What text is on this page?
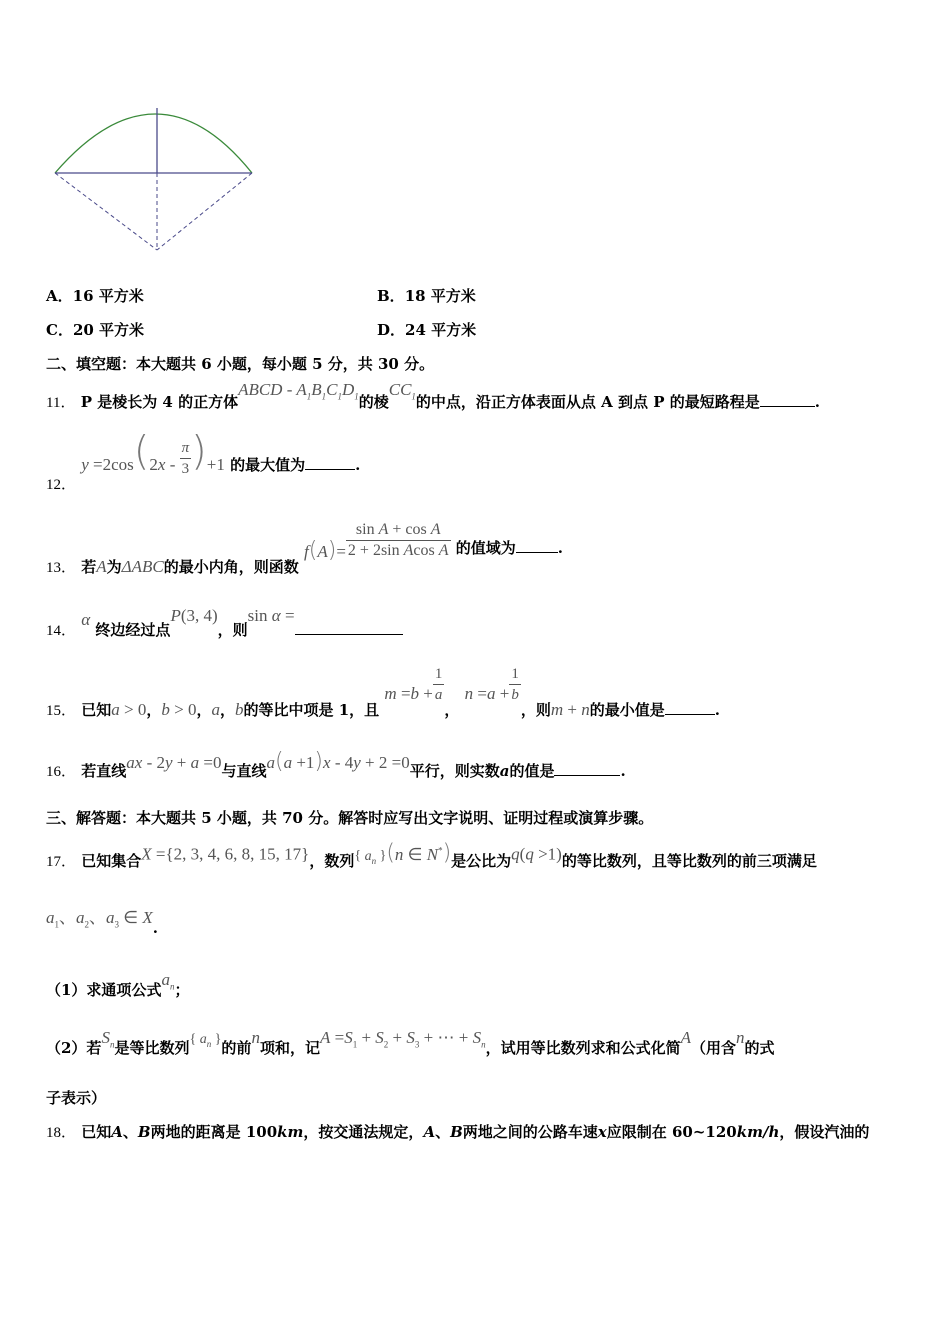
A．16 平方米	B．18 平方米
C．20 平方米	D．24 平方米
二、填空题：本大题共 6 小题，每小题 5 分，共 30 分。
11． P 是棱长为 4 的正方体ABCD - $A_1B_1C_1D_1$的棱$CC_1$的中点，沿正方体表面从点 A 到点 P 的最短路程是	.
12． $y =2\cos(2x - \frac{\pi}{3} )+1$ 的最大值为	.
13． 若A为ΔABC的最小内角，则函数 $f(A)= \frac{\text{sin A + cos A}}{\text{2 + 2sin Acos A}}$ 的值域为	.
14． α 终边经过点P(3, 4)，则sin α =
15． 已知a > 0，b > 0，a，b的等比中项是 1，且 $m =b + \frac{1}{a}$
， $n =a + \frac{1}{b}$
，则m + n的最小值是	.
16． 若直线ax - 2y + a =0与直线a(a +1)x - 4y + 2 =0平行，则实数a的值是	.
三、解答题：本大题共 5 小题，共 70 分。解答时应写出文字说明、证明过程或演算步骤。
17． 已知集合X ={2, 3, 4, 6, 8, 15, 17}，数列{ $a_n$ }(n ∈ N*)是公比为q(q >1)的等比数列，且等比数列的前三项满足
$a_1$、$a_2$、$a_3$ ∈ X.
（1）求通项公式$a_n$；
（2）若$S_n$是等比数列{ $a_n$ }的前n项和，记$A =S_1 + S_2 + S_3$ + ⋯ + $S_n$，试用等比数列求和公式化简A（用含n的式
子表示）
18． 已知A、B两地的距离是 100km，按交通法规定，A、B两地之间的公路车速x应限制在 60~120km/h，假设汽油的
